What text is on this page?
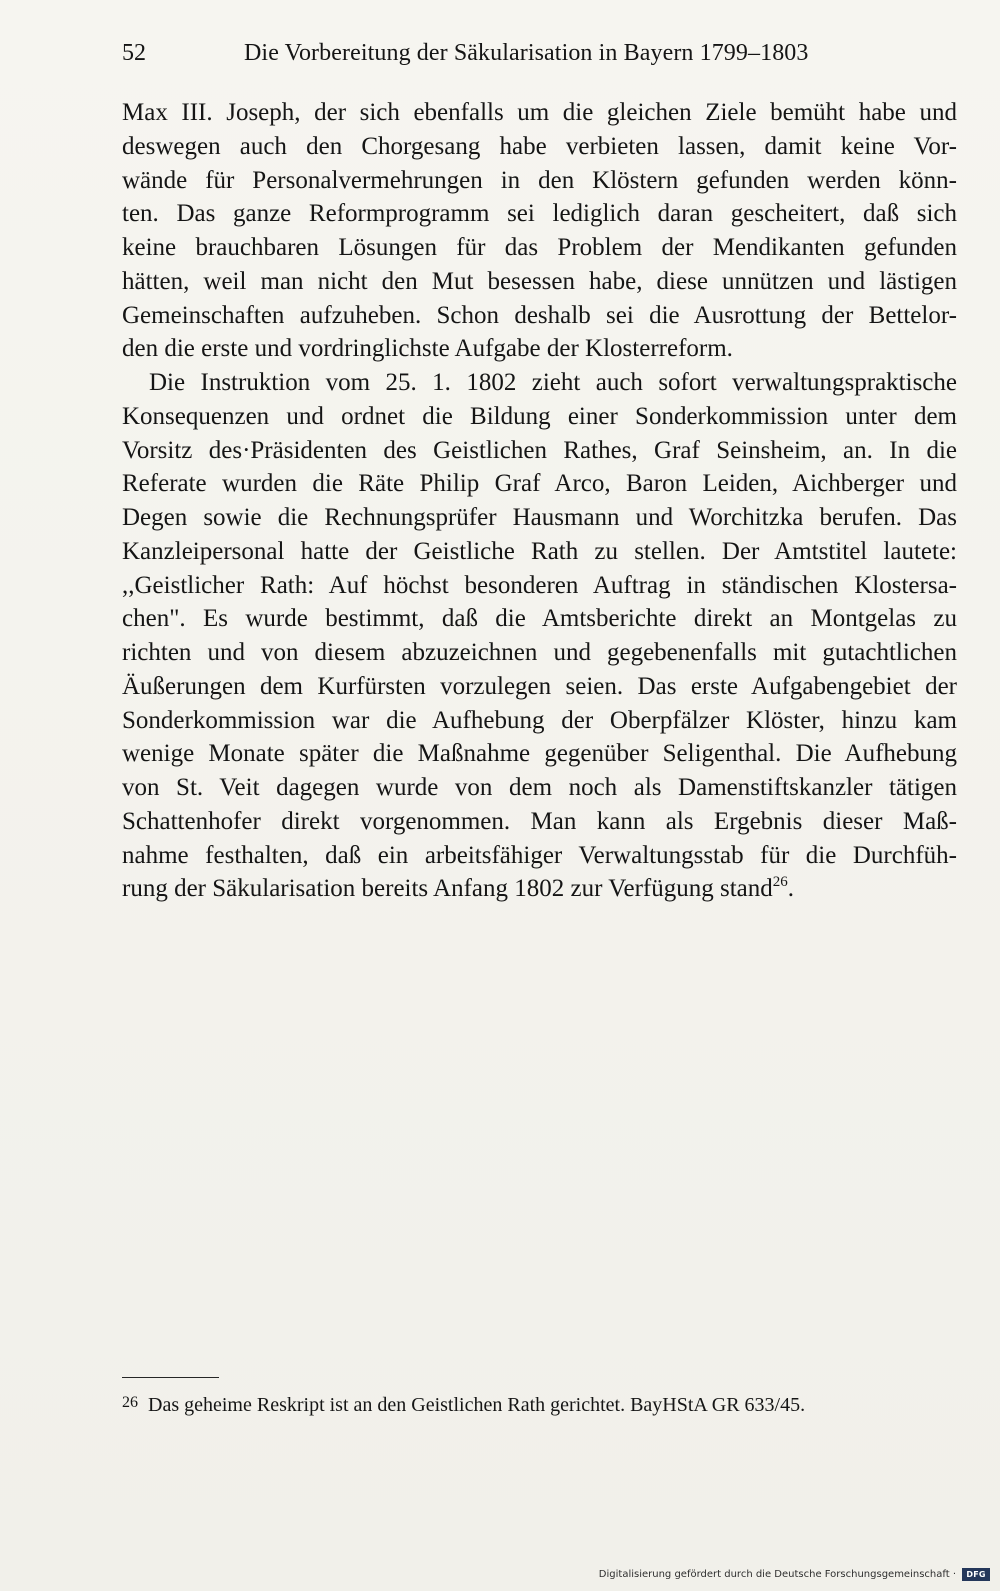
52	Die Vorbereitung der Säkularisation in Bayern 1799–1803
Max III. Joseph, der sich ebenfalls um die gleichen Ziele bemüht habe und
deswegen auch den Chorgesang habe verbieten lassen, damit keine Vor-
wände für Personalvermehrungen in den Klöstern gefunden werden könn-
ten. Das ganze Reformprogramm sei lediglich daran gescheitert, daß sich
keine brauchbaren Lösungen für das Problem der Mendikanten gefunden
hätten, weil man nicht den Mut besessen habe, diese unnützen und lästigen
Gemeinschaften aufzuheben. Schon deshalb sei die Ausrottung der Bettelor-
den die erste und vordringlichste Aufgabe der Klosterreform.
Die Instruktion vom 25. 1. 1802 zieht auch sofort verwaltungspraktische
Konsequenzen und ordnet die Bildung einer Sonderkommission unter dem
Vorsitz des·Präsidenten des Geistlichen Rathes, Graf Seinsheim, an. In die
Referate wurden die Räte Philip Graf Arco, Baron Leiden, Aichberger und
Degen sowie die Rechnungsprüfer Hausmann und Worchitzka berufen. Das
Kanzleipersonal hatte der Geistliche Rath zu stellen. Der Amtstitel lautete:
,,Geistlicher Rath: Auf höchst besonderen Auftrag in ständischen Klostersa-
chen". Es wurde bestimmt, daß die Amtsberichte direkt an Montgelas zu
richten und von diesem abzuzeichnen und gegebenenfalls mit gutachtlichen
Äußerungen dem Kurfürsten vorzulegen seien. Das erste Aufgabengebiet der
Sonderkommission war die Aufhebung der Oberpfälzer Klöster, hinzu kam
wenige Monate später die Maßnahme gegenüber Seligenthal. Die Aufhebung
von St. Veit dagegen wurde von dem noch als Damenstiftskanzler tätigen
Schattenhofer direkt vorgenommen. Man kann als Ergebnis dieser Maß-
nahme festhalten, daß ein arbeitsfähiger Verwaltungsstab für die Durchfüh-
rung der Säkularisation bereits Anfang 1802 zur Verfügung stand$^{26}$.
$^{26}$ Das geheime Reskript ist an den Geistlichen Rath gerichtet. BayHStA GR 633/45.
Digitalisierung gefördert durch die Deutsche Forschungsgemeinschaft ·	DFG
